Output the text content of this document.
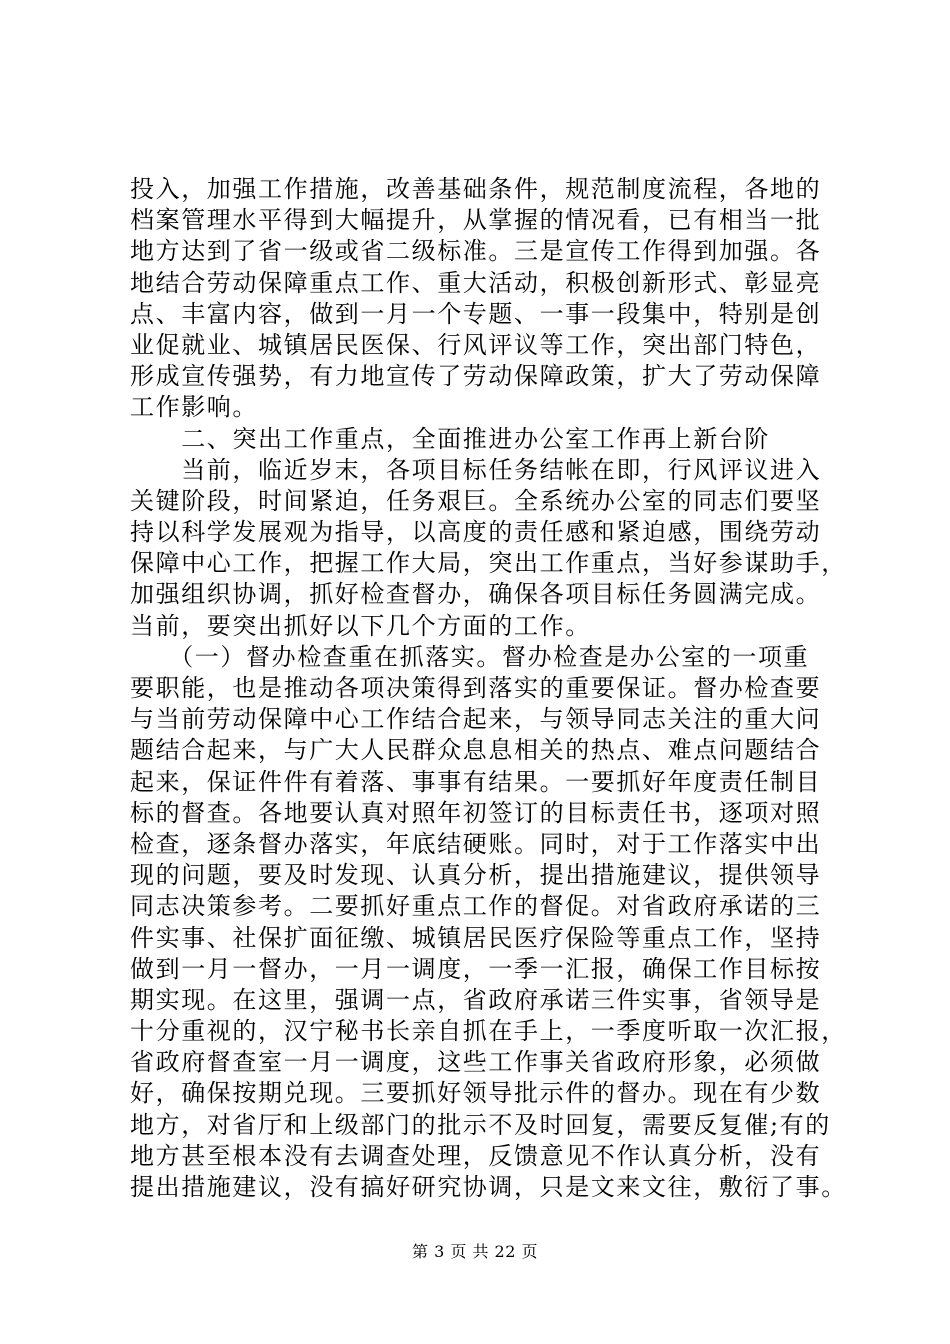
投入，加强工作措施，改善基础条件，规范制度流程，各地的
档案管理水平得到大幅提升，从掌握的情况看，已有相当一批
地方达到了省一级或省二级标准。三是宣传工作得到加强。各
地结合劳动保障重点工作、重大活动，积极创新形式、彰显亮
点、丰富内容，做到一月一个专题、一事一段集中，特别是创
业促就业、城镇居民医保、行风评议等工作，突出部门特色，
形成宣传强势，有力地宣传了劳动保障政策，扩大了劳动保障
工作影响。
　　二、突出工作重点，全面推进办公室工作再上新台阶
　　当前，临近岁末，各项目标任务结帐在即，行风评议进入
关键阶段，时间紧迫，任务艰巨。全系统办公室的同志们要坚
持以科学发展观为指导，以高度的责任感和紧迫感，围绕劳动
保障中心工作，把握工作大局，突出工作重点，当好参谋助手，
加强组织协调，抓好检查督办，确保各项目标任务圆满完成。
当前，要突出抓好以下几个方面的工作。
　　（一）督办检查重在抓落实。督办检查是办公室的一项重
要职能，也是推动各项决策得到落实的重要保证。督办检查要
与当前劳动保障中心工作结合起来，与领导同志关注的重大问
题结合起来，与广大人民群众息息相关的热点、难点问题结合
起来，保证件件有着落、事事有结果。一要抓好年度责任制目
标的督查。各地要认真对照年初签订的目标责任书，逐项对照
检查，逐条督办落实，年底结硬账。同时，对于工作落实中出
现的问题，要及时发现、认真分析，提出措施建议，提供领导
同志决策参考。二要抓好重点工作的督促。对省政府承诺的三
件实事、社保扩面征缴、城镇居民医疗保险等重点工作，坚持
做到一月一督办，一月一调度，一季一汇报，确保工作目标按
期实现。在这里，强调一点，省政府承诺三件实事，省领导是
十分重视的，汉宁秘书长亲自抓在手上，一季度听取一次汇报，
省政府督查室一月一调度，这些工作事关省政府形象，必须做
好，确保按期兑现。三要抓好领导批示件的督办。现在有少数
地方，对省厅和上级部门的批示不及时回复，需要反复催;有的
地方甚至根本没有去调查处理，反馈意见不作认真分析，没有
提出措施建议，没有搞好研究协调，只是文来文往，敷衍了事。
第 3 页 共 22 页
